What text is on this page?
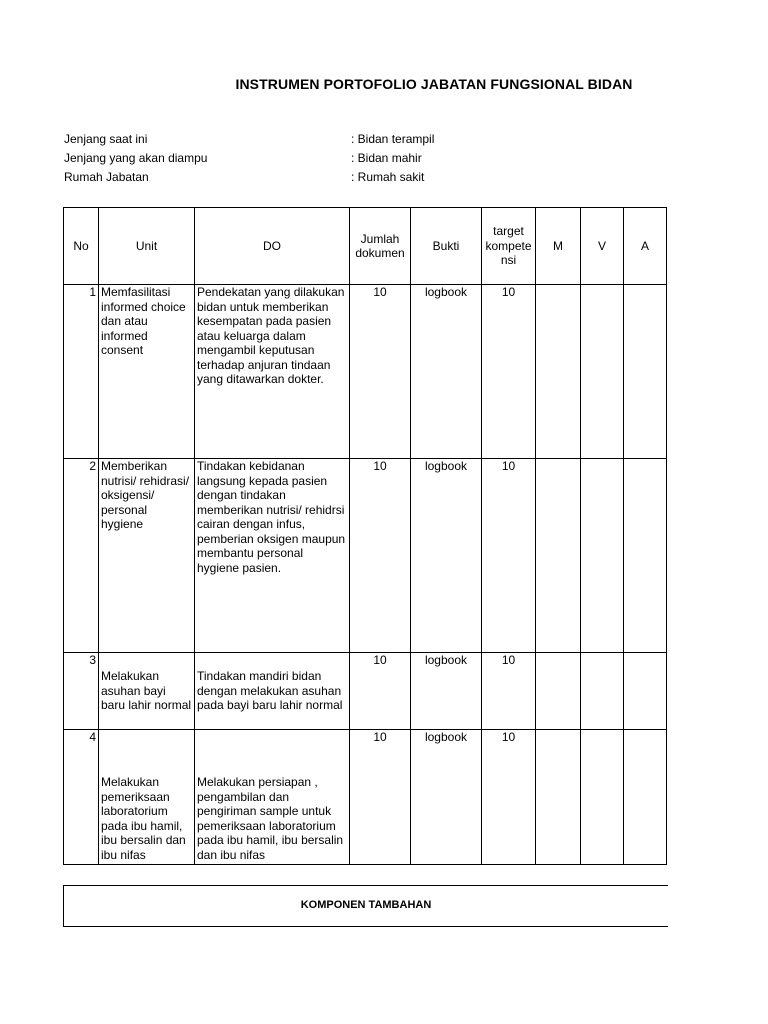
INSTRUMEN PORTOFOLIO JABATAN FUNGSIONAL BIDAN
Jenjang saat ini	: Bidan terampil
Jenjang yang akan diampu	: Bidan mahir
Rumah Jabatan	: Rumah sakit
No	Unit	DO	Jumlah dokumen	Bukti	target kompete nsi	M	V	A
1	Memfasilitasi informed choice dan atau informed consent	Pendekatan yang dilakukan bidan untuk memberikan kesempatan pada pasien atau keluarga dalam mengambil keputusan terhadap anjuran tindaan yang ditawarkan dokter.	10	logbook	10			
2	Memberikan nutrisi/ rehidrasi/ oksigensi/ personal hygiene	Tindakan kebidanan langsung kepada pasien dengan tindakan memberikan nutrisi/ rehidrsi cairan dengan infus, pemberian oksigen maupun membantu personal hygiene pasien.	10	logbook	10			
3	Melakukan asuhan bayi baru lahir normal	Tindakan mandiri bidan dengan melakukan asuhan pada bayi baru lahir normal	10	logbook	10			
4	Melakukan pemeriksaan laboratorium pada ibu hamil, ibu bersalin dan ibu nifas	Melakukan persiapan , pengambilan dan pengiriman sample untuk pemeriksaan laboratorium pada ibu hamil, ibu bersalin dan ibu nifas	10	logbook	10			
KOMPONEN TAMBAHAN
